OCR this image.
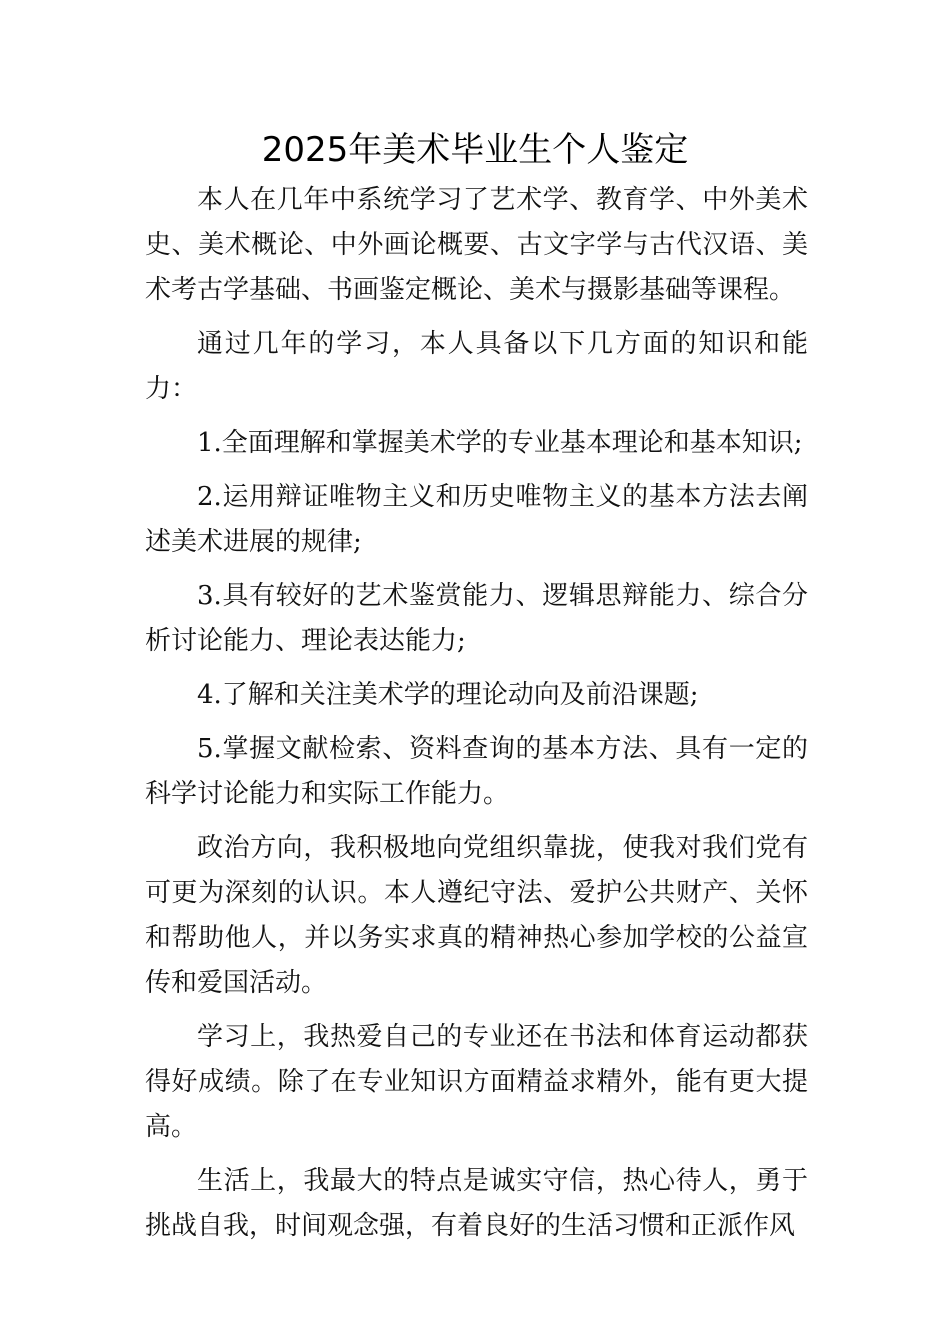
2025年美术毕业生个人鉴定

本人在几年中系统学习了艺术学、教育学、中外美术史、美术概论、中外画论概要、古文字学与古代汉语、美术考古学基础、书画鉴定概论、美术与摄影基础等课程。

通过几年的学习，本人具备以下几方面的知识和能力：

1.全面理解和掌握美术学的专业基本理论和基本知识;

2.运用辩证唯物主义和历史唯物主义的基本方法去阐述美术进展的规律;

3.具有较好的艺术鉴赏能力、逻辑思辩能力、综合分析讨论能力、理论表达能力;

4.了解和关注美术学的理论动向及前沿课题;

5.掌握文献检索、资料查询的基本方法、具有一定的科学讨论能力和实际工作能力。

政治方向，我积极地向党组织靠拢，使我对我们党有可更为深刻的认识。本人遵纪守法、爱护公共财产、关怀和帮助他人，并以务实求真的精神热心参加学校的公益宣传和爱国活动。

学习上，我热爱自己的专业还在书法和体育运动都获得好成绩。除了在专业知识方面精益求精外，能有更大提高。

生活上，我最大的特点是诚实守信，热心待人，勇于挑战自我，时间观念强，有着良好的生活习惯和正派作风
